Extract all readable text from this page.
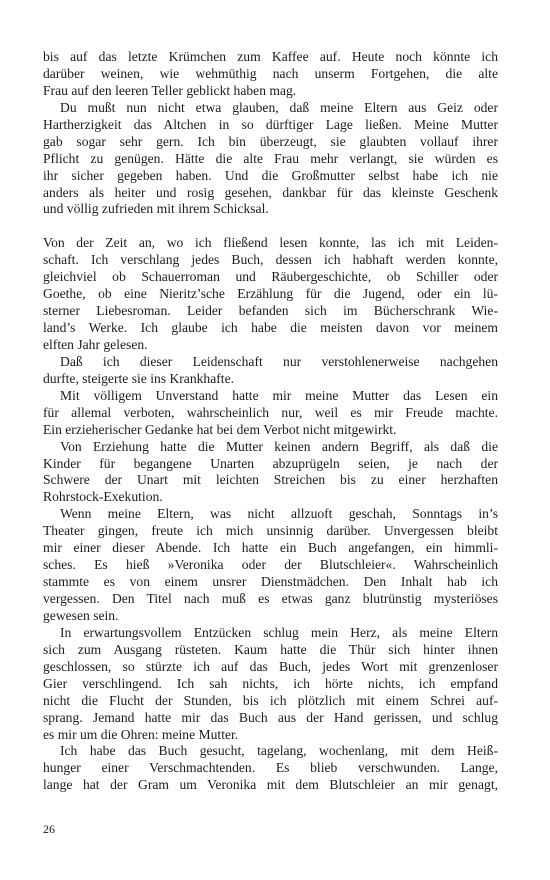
bis auf das letzte Krümchen zum Kaffee auf. Heute noch könnte ich
darüber weinen, wie wehmüthig nach unserm Fortgehen, die alte
Frau auf den leeren Teller geblickt haben mag.
Du mußt nun nicht etwa glauben, daß meine Eltern aus Geiz oder
Hartherzigkeit das Altchen in so dürftiger Lage ließen. Meine Mutter
gab sogar sehr gern. Ich bin überzeugt, sie glaubten vollauf ihrer
Pflicht zu genügen. Hätte die alte Frau mehr verlangt, sie würden es
ihr sicher gegeben haben. Und die Großmutter selbst habe ich nie
anders als heiter und rosig gesehen, dankbar für das kleinste Geschenk
und völlig zufrieden mit ihrem Schicksal.
Von der Zeit an, wo ich fließend lesen konnte, las ich mit Leiden-
schaft. Ich verschlang jedes Buch, dessen ich habhaft werden konnte,
gleichviel ob Schauerroman und Räubergeschichte, ob Schiller oder
Goethe, ob eine Nieritz’sche Erzählung für die Jugend, oder ein lü-
sterner Liebesroman. Leider befanden sich im Bücherschrank Wie-
land’s Werke. Ich glaube ich habe die meisten davon vor meinem
elften Jahr gelesen.
Daß ich dieser Leidenschaft nur verstohlenerweise nachgehen
durfte, steigerte sie ins Krankhafte.
Mit völligem Unverstand hatte mir meine Mutter das Lesen ein
für allemal verboten, wahrscheinlich nur, weil es mir Freude machte.
Ein erzieherischer Gedanke hat bei dem Verbot nicht mitgewirkt.
Von Erziehung hatte die Mutter keinen andern Begriff, als daß die
Kinder für begangene Unarten abzuprügeln seien, je nach der
Schwere der Unart mit leichten Streichen bis zu einer herzhaften
Rohrstock-Exekution.
Wenn meine Eltern, was nicht allzuoft geschah, Sonntags in’s
Theater gingen, freute ich mich unsinnig darüber. Unvergessen bleibt
mir einer dieser Abende. Ich hatte ein Buch angefangen, ein himmli-
sches. Es hieß »Veronika oder der Blutschleier«. Wahrscheinlich
stammte es von einem unsrer Dienstmädchen. Den Inhalt hab ich
vergessen. Den Titel nach muß es etwas ganz blutrünstig mysteriöses
gewesen sein.
In erwartungsvollem Entzücken schlug mein Herz, als meine Eltern
sich zum Ausgang rüsteten. Kaum hatte die Thür sich hinter ihnen
geschlossen, so stürzte ich auf das Buch, jedes Wort mit grenzenloser
Gier verschlingend. Ich sah nichts, ich hörte nichts, ich empfand
nicht die Flucht der Stunden, bis ich plötzlich mit einem Schrei auf-
sprang. Jemand hatte mir das Buch aus der Hand gerissen, und schlug
es mir um die Ohren: meine Mutter.
Ich habe das Buch gesucht, tagelang, wochenlang, mit dem Heiß-
hunger einer Verschmachtenden. Es blieb verschwunden. Lange,
lange hat der Gram um Veronika mit dem Blutschleier an mir genagt,
26
